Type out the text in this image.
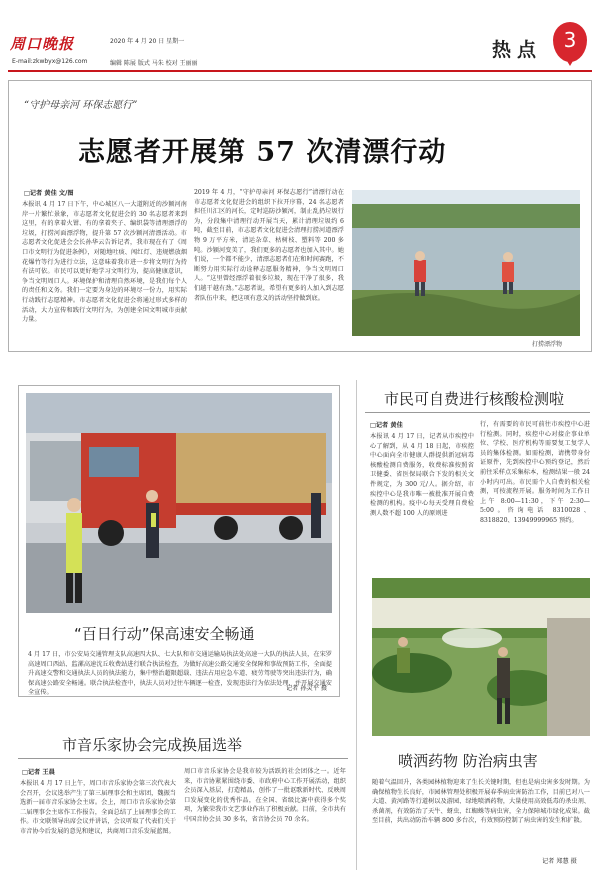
周口晚报
E-mail:zkwbyx@126.com
2020 年 4 月 20 日 星期一
编辑 陈展 版式 马朱 校对 王丽丽
热点	3
“守护母亲河 环保志愿行”
志愿者开展第 57 次清漂行动
□记者 黄佳 文/图
本报讯 4 月 17 日下午，中心城区八一大道附近的沙颍河南岸一片繁忙景象，市志愿者文化促进会的 30 名志愿者来到这里，有的拿着火钳、有的拿着夹子、编织袋等清理漂浮的垃圾，打捞河面漂浮物，提升第 57 次沙颍河清漂活动。市志愿者文化促进会会长孙华云告诉记者，我市现在有了《周口市文明行为促进条例》，对随地吐痰、闯红灯、违规燃放烟花爆竹等行为进行立法，这意味着我市进一步将文明行为持有法可依。市民可以更好地学习文明行为，提高健康意识，争当文明周口人。环境保护和清理自然环境，是我们每个人的责任和义务。我们一定要为身边的环境尽一份力，用实际行动践行志愿精神。市志愿者文化促进会将通过形式多样的活动，大力宣传和践行文明行为，为创建全国文明城市贡献力量。
2019 年 4 月，“守护母亲河 环保志愿行”清漂行动在市志愿者文化促进会的组织下拉开序幕，24 名志愿者担任川汇区的河长，定时巡防沙颍河，制止乱扔垃圾行为，分段集中清理行动开展当天，累计清理垃圾约 6 吨，截至目前，市志愿者文化促进会清理打捞河道漂浮物 9 万平方米，清运杂草、枯树枝、塑料等 200 多吨。沙颍河变美了，我们更多的志愿者也加入其中。她们说，一个都不能少，清漂志愿者们在和时间赛跑，不断努力用实际行动诠释志愿服务精神，争当文明周口人。“这里曾经漂浮着很多垃圾，现在干净了很多，我们越干越有劲。”志愿者说，希望有更多的人加入到志愿者队伍中来，把这项有意义的活动坚持做到底。
打捞漂浮物
“百日行动”保高速安全畅通
4 月 17 日，市公安局交通管理支队高速四大队、七大队和市交通运输局执法处高速一大队的执法人员，在宋罗高速周口西站、监漯高速沈丘收费站进行联合执法检查，为做好高速公路交通安全保障和事故预防工作，全面提升高速交警和交通执法人员的执法能力，集中整治超限超载、违法占用应急车道、疲劳驾驶等突出违法行为，确保高速公路安全畅通。联合执法检查中，执法人员对过往车辆逐一检查，发现违法行为依法处理，并开展交通安全宣传。
记者 孙灵平 摄
市民可自费进行核酸检测啦
□记者 黄佳
本报讯 4 月 17 日，记者从市疾控中心了解到，从 4 月 18 日起，市疾控中心面向全市健康人群提供新冠病毒核酸检测自费服务，收费标准按照省卫健委、省医保局联合下发的相关文件规定，为 300 元/人。据介绍，市疾控中心是我市唯一被批准开展自费检测的机构。疫中心每天受理自费检测人数不超 100 人的原则进
行，有需要的市民可前往市疾控中心进行检测。同时，疾控中心对接企事业单位、学校、医疗机构等需要复工复学人员的集体检测。如需检测，请携带身份证原件，先到疾控中心预约登记，然后前往采样点采集标本，检测结果一般 24 小时内可出。市民需个人自费的相关检测，可按流程开展。服务时间为工作日上午 8:00—11:30，下午 2:30—5:00。咨询电话 8310028、8318820、13949999965 预约。
喷洒药物 防治病虫害
随着气温回升，各类园林植物迎来了生长关键时期，但也是病虫害多发时期。为确保植物生长良好，市园林管理处积极开展春季病虫害防治工作，目前已对八一大道、黄河路等行道树以及游园、绿地喷洒药物，大量使用高效低毒的杀虫剂、杀菌剂，有效防治了天牛、蚜虫、红蜘蛛等病虫害，全力保障城市绿化成果。截至目前，共出动防治车辆 800 多台次，有效预防控制了病虫害的发生和扩散。
记者 郑慧 摄
市音乐家协会完成换届选举
□记者 王晨
本报讯 4 月 17 日上午，周口市音乐家协会第三次代表大会召开，会议选举产生了第三届理事会和主席团，魏振当选新一届市音乐家协会主席。会上，周口市音乐家协会第二届理事会主席作工作报告，全面总结了上届理事会的工作。市文联领导出席会议并讲话，会议听取了代表们关于市音协今后发展的意见和建议，共商周口音乐发展蓝图。
周口市音乐家协会是我市较为活跃的社会团体之一。近年来，市音协紧紧围绕市委、市政府中心工作开展活动，组织会员深入基层，打造精品，创作了一批讴歌新时代、反映周口发展变化的优秀作品，在全国、省级比赛中获得多个奖项，为繁荣我市文艺事业作出了积极贡献。目前，全市共有中国音协会员 30 多名，省音协会员 70 余名。
